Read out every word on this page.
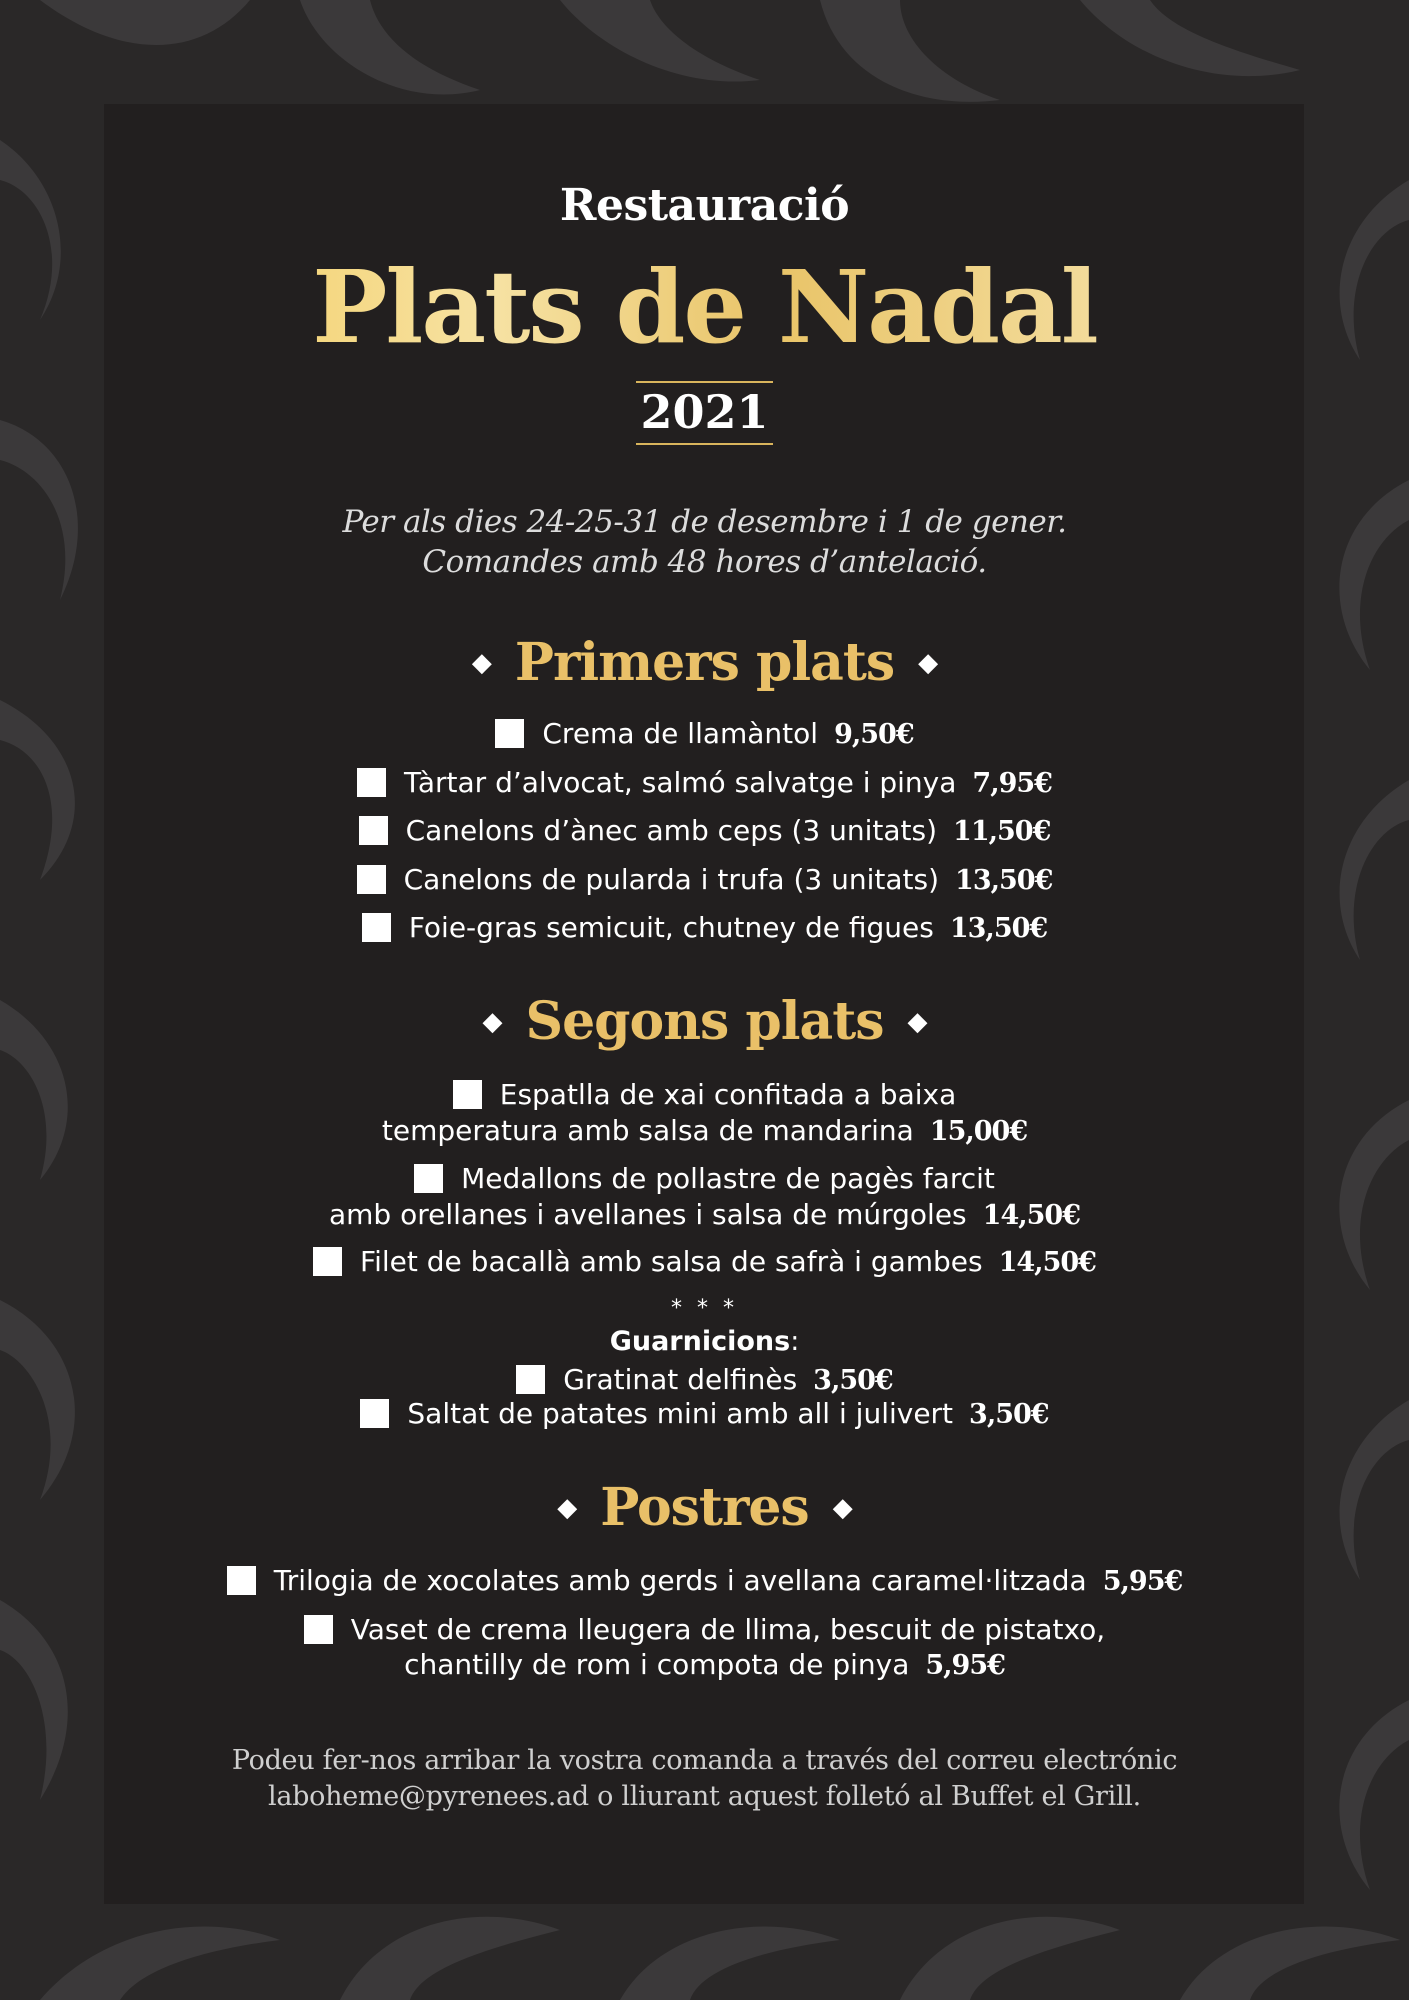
Restauració
Plats de Nadal
2021
Per als dies 24-25-31 de desembre i 1 de gener.
Comandes amb 48 hores d’antelació.
◆ Primers plats ◆
Crema de llamàntol 9,50€
Tàrtar d’alvocat, salmó salvatge i pinya 7,95€
Canelons d’ànec amb ceps (3 unitats) 11,50€
Canelons de pularda i trufa (3 unitats) 13,50€
Foie-gras semicuit, chutney de figues 13,50€
◆ Segons plats ◆
Espatlla de xai confitada a baixa
temperatura amb salsa de mandarina 15,00€
Medallons de pollastre de pagès farcit
amb orellanes i avellanes i salsa de múrgoles 14,50€
Filet de bacallà amb salsa de safrà i gambes 14,50€
* * *
Guarnicions:
Gratinat delfinès 3,50€
Saltat de patates mini amb all i julivert 3,50€
◆ Postres ◆
Trilogia de xocolates amb gerds i avellana caramel·litzada 5,95€
Vaset de crema lleugera de llima, bescuit de pistatxo,
chantilly de rom i compota de pinya 5,95€
Podeu fer-nos arribar la vostra comanda a través del correu electrónic
laboheme@pyrenees.ad o lliurant aquest folletó al Buffet el Grill.
